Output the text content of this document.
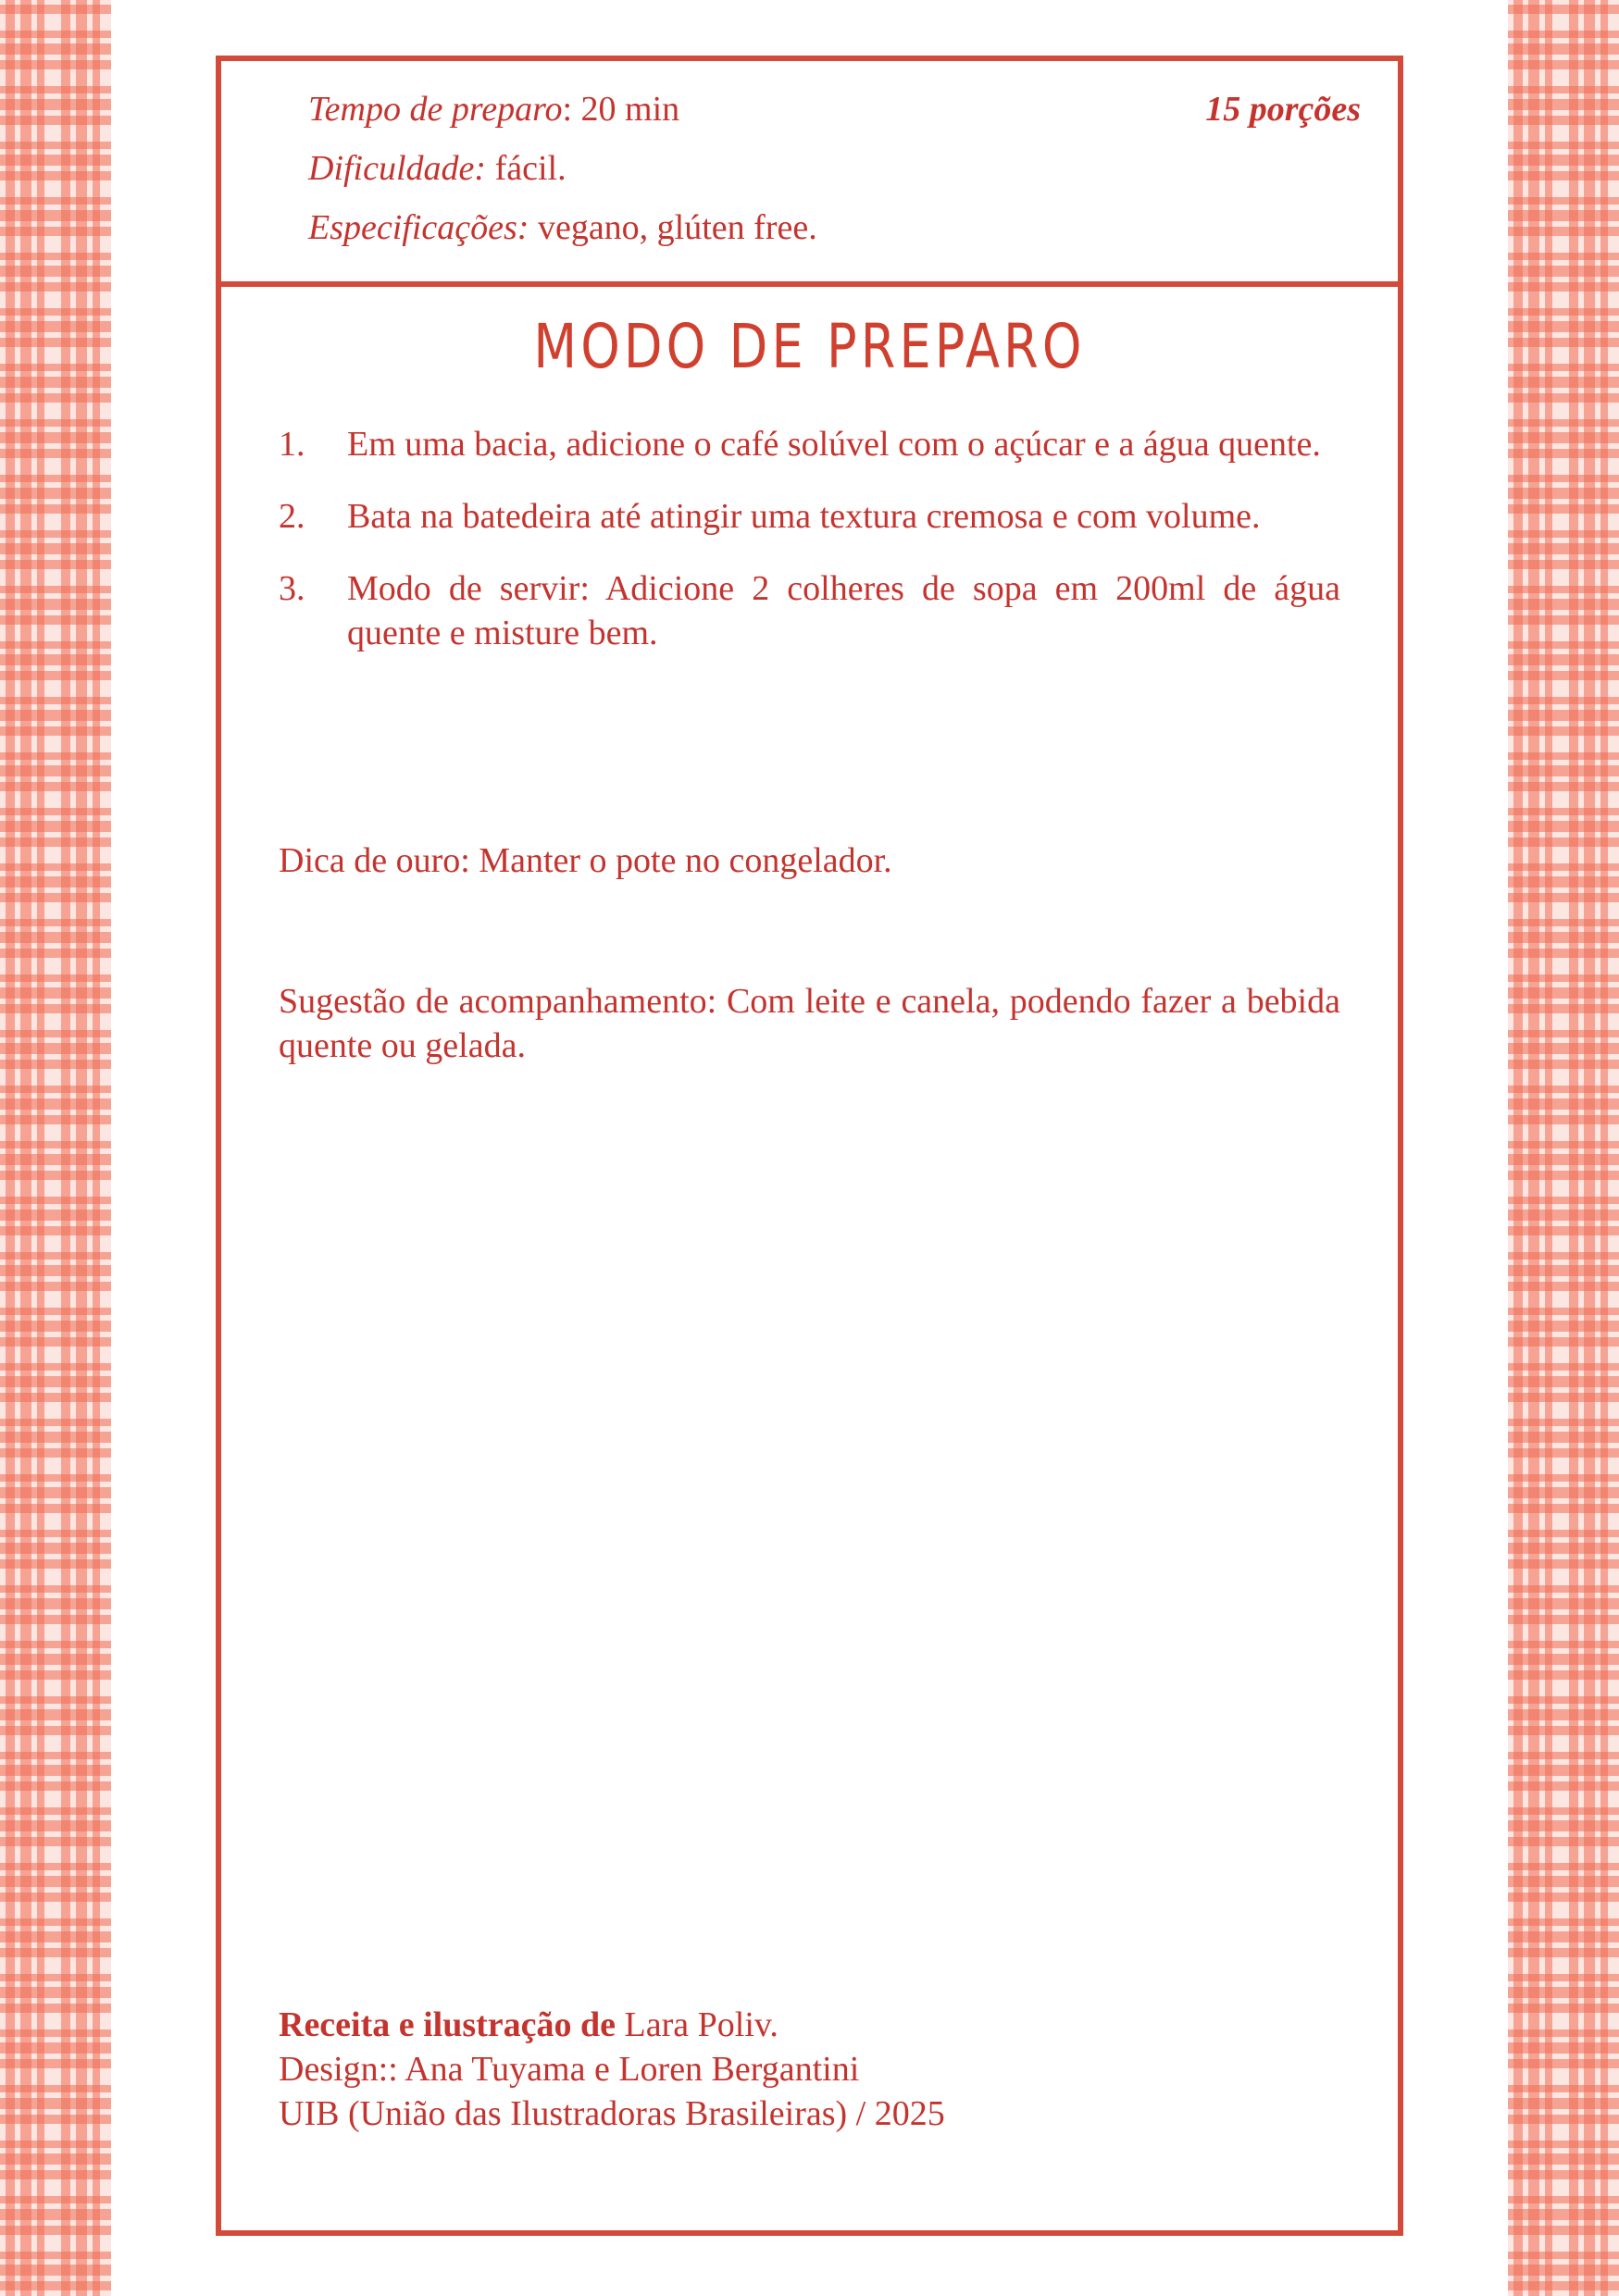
Tempo de preparo: 20 min
Dificuldade: fácil.
Especificações: vegano, glúten free.
15 porções
MODO DE PREPARO
1. Em uma bacia, adicione o café solúvel com o açúcar e a água quente.
2. Bata na batedeira até atingir uma textura cremosa e com volume.
3. Modo de servir: Adicione 2 colheres de sopa em 200ml de água quente e misture bem.
Dica de ouro: Manter o pote no congelador.
Sugestão de acompanhamento: Com leite e canela, podendo fazer a bebida quente ou gelada.
Receita e ilustração de Lara Poliv.
Design:: Ana Tuyama e Loren Bergantini
UIB (União das Ilustradoras Brasileiras) / 2025
